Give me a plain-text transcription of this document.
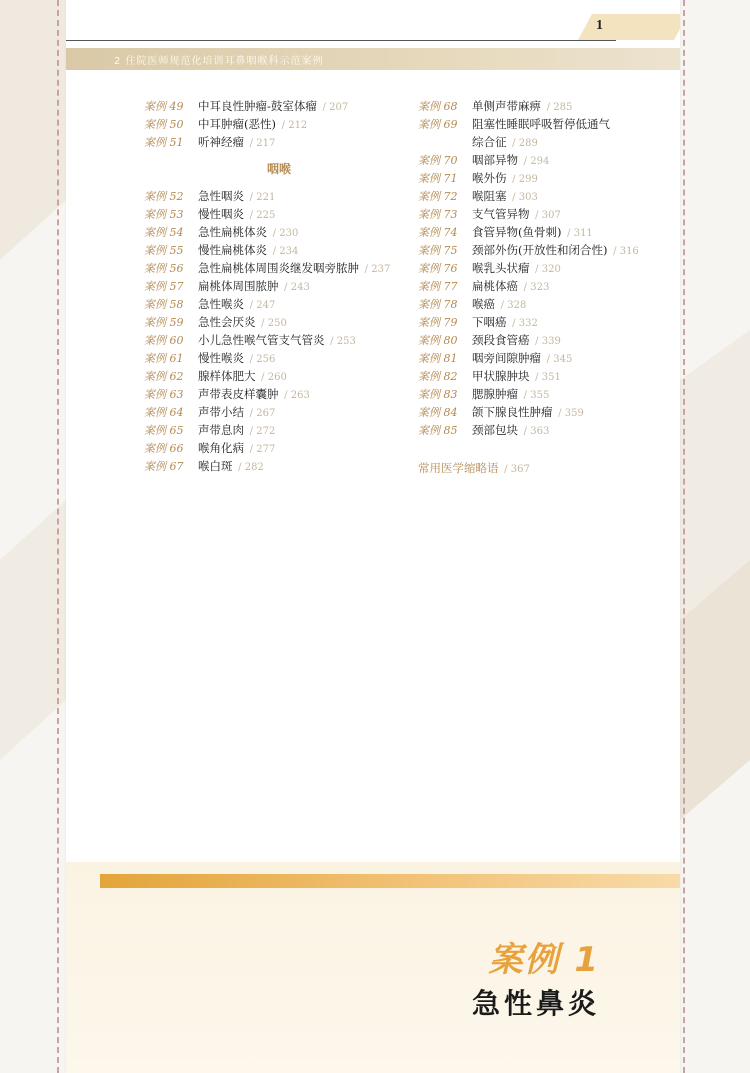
1
2 住院医师规范化培训耳鼻咽喉科示范案例
案例 49 中耳良性肿瘤-鼓室体瘤 / 207
案例 50 中耳肿瘤(恶性) / 212
案例 51 听神经瘤 / 217
咽喉
案例 52 急性咽炎 / 221
案例 53 慢性咽炎 / 225
案例 54 急性扁桃体炎 / 230
案例 55 慢性扁桃体炎 / 234
案例 56 急性扁桃体周围炎继发咽旁脓肿 / 237
案例 57 扁桃体周围脓肿 / 243
案例 58 急性喉炎 / 247
案例 59 急性会厌炎 / 250
案例 60 小儿急性喉气管支气管炎 / 253
案例 61 慢性喉炎 / 256
案例 62 腺样体肥大 / 260
案例 63 声带表皮样囊肿 / 263
案例 64 声带小结 / 267
案例 65 声带息肉 / 272
案例 66 喉角化病 / 277
案例 67 喉白斑 / 282
案例 68 单侧声带麻痹 / 285
案例 69 阻塞性睡眠呼吸暂停低通气
综合征 / 289
案例 70 咽部异物 / 294
案例 71 喉外伤 / 299
案例 72 喉阻塞 / 303
案例 73 支气管异物 / 307
案例 74 食管异物(鱼骨刺) / 311
案例 75 颈部外伤(开放性和闭合性) / 316
案例 76 喉乳头状瘤 / 320
案例 77 扁桃体癌 / 323
案例 78 喉癌 / 328
案例 79 下咽癌 / 332
案例 80 颈段食管癌 / 339
案例 81 咽旁间隙肿瘤 / 345
案例 82 甲状腺肿块 / 351
案例 83 腮腺肿瘤 / 355
案例 84 颌下腺良性肿瘤 / 359
案例 85 颈部包块 / 363
常用医学缩略语 / 367
案例 1
急性鼻炎
